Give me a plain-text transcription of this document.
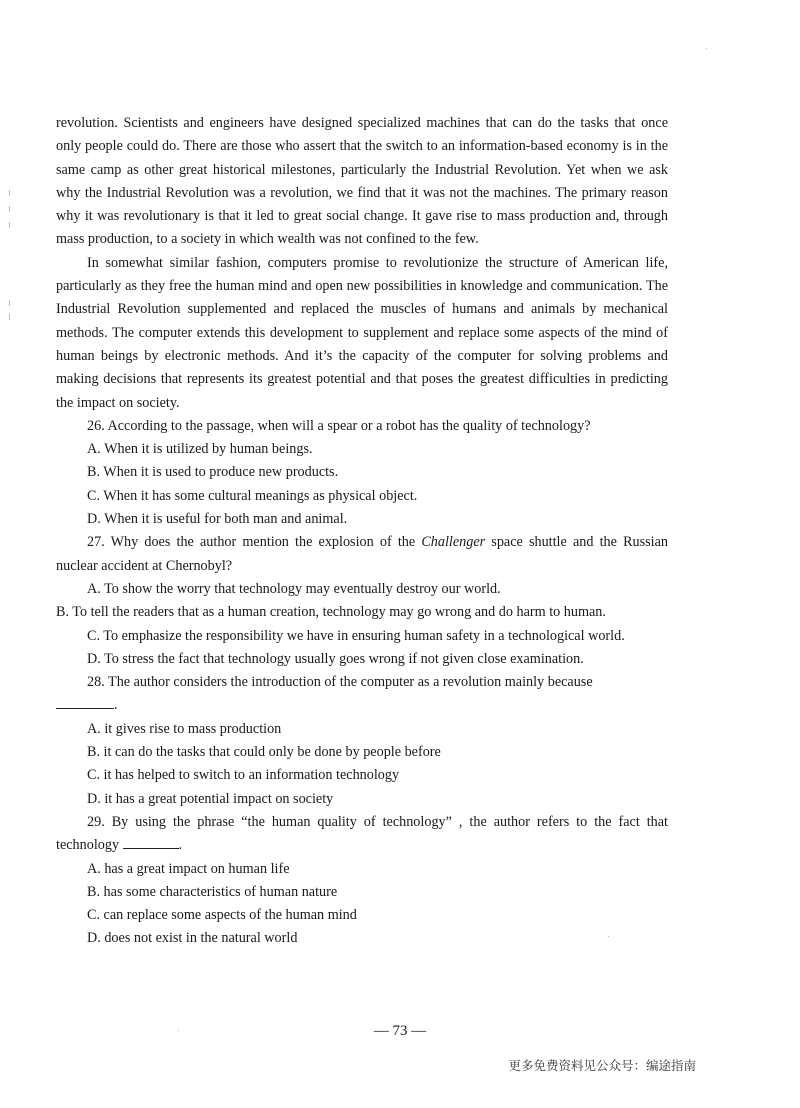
revolution. Scientists and engineers have designed specialized machines that can do the tasks that once only people could do. There are those who assert that the switch to an information-based economy is in the same camp as other great historical milestones, particularly the Industrial Revolution. Yet when we ask why the Industrial Revolution was a revolution, we find that it was not the machines. The primary reason why it was revolutionary is that it led to great social change. It gave rise to mass production and, through mass production, to a society in which wealth was not confined to the few.

In somewhat similar fashion, computers promise to revolutionize the structure of American life, particularly as they free the human mind and open new possibilities in knowledge and communication. The Industrial Revolution supplemented and replaced the muscles of humans and animals by mechanical methods. The computer extends this development to supplement and replace some aspects of the mind of human beings by electronic methods. And it’s the capacity of the computer for solving problems and making decisions that represents its greatest potential and that poses the greatest difficulties in predicting the impact on society.

26. According to the passage, when will a spear or a robot has the quality of technology?

A. When it is utilized by human beings.

B. When it is used to produce new products.

C. When it has some cultural meanings as physical object.

D. When it is useful for both man and animal.

27. Why does the author mention the explosion of the Challenger space shuttle and the Russian nuclear accident at Chernobyl?

A. To show the worry that technology may eventually destroy our world.

B. To tell the readers that as a human creation, technology may go wrong and do harm to human.

C. To emphasize the responsibility we have in ensuring human safety in a technological world.

D. To stress the fact that technology usually goes wrong if not given close examination.

28. The author considers the introduction of the computer as a revolution mainly because

.

A. it gives rise to mass production

B. it can do the tasks that could only be done by people before

C. it has helped to switch to an information technology

D. it has a great potential impact on society

29. By using the phrase “the human quality of technology” , the author refers to the fact that technology	.

A. has a great impact on human life

B. has some characteristics of human nature

C. can replace some aspects of the human mind

D. does not exist in the natural world

— 73 —
更多免费资料见公众号：编途指南
